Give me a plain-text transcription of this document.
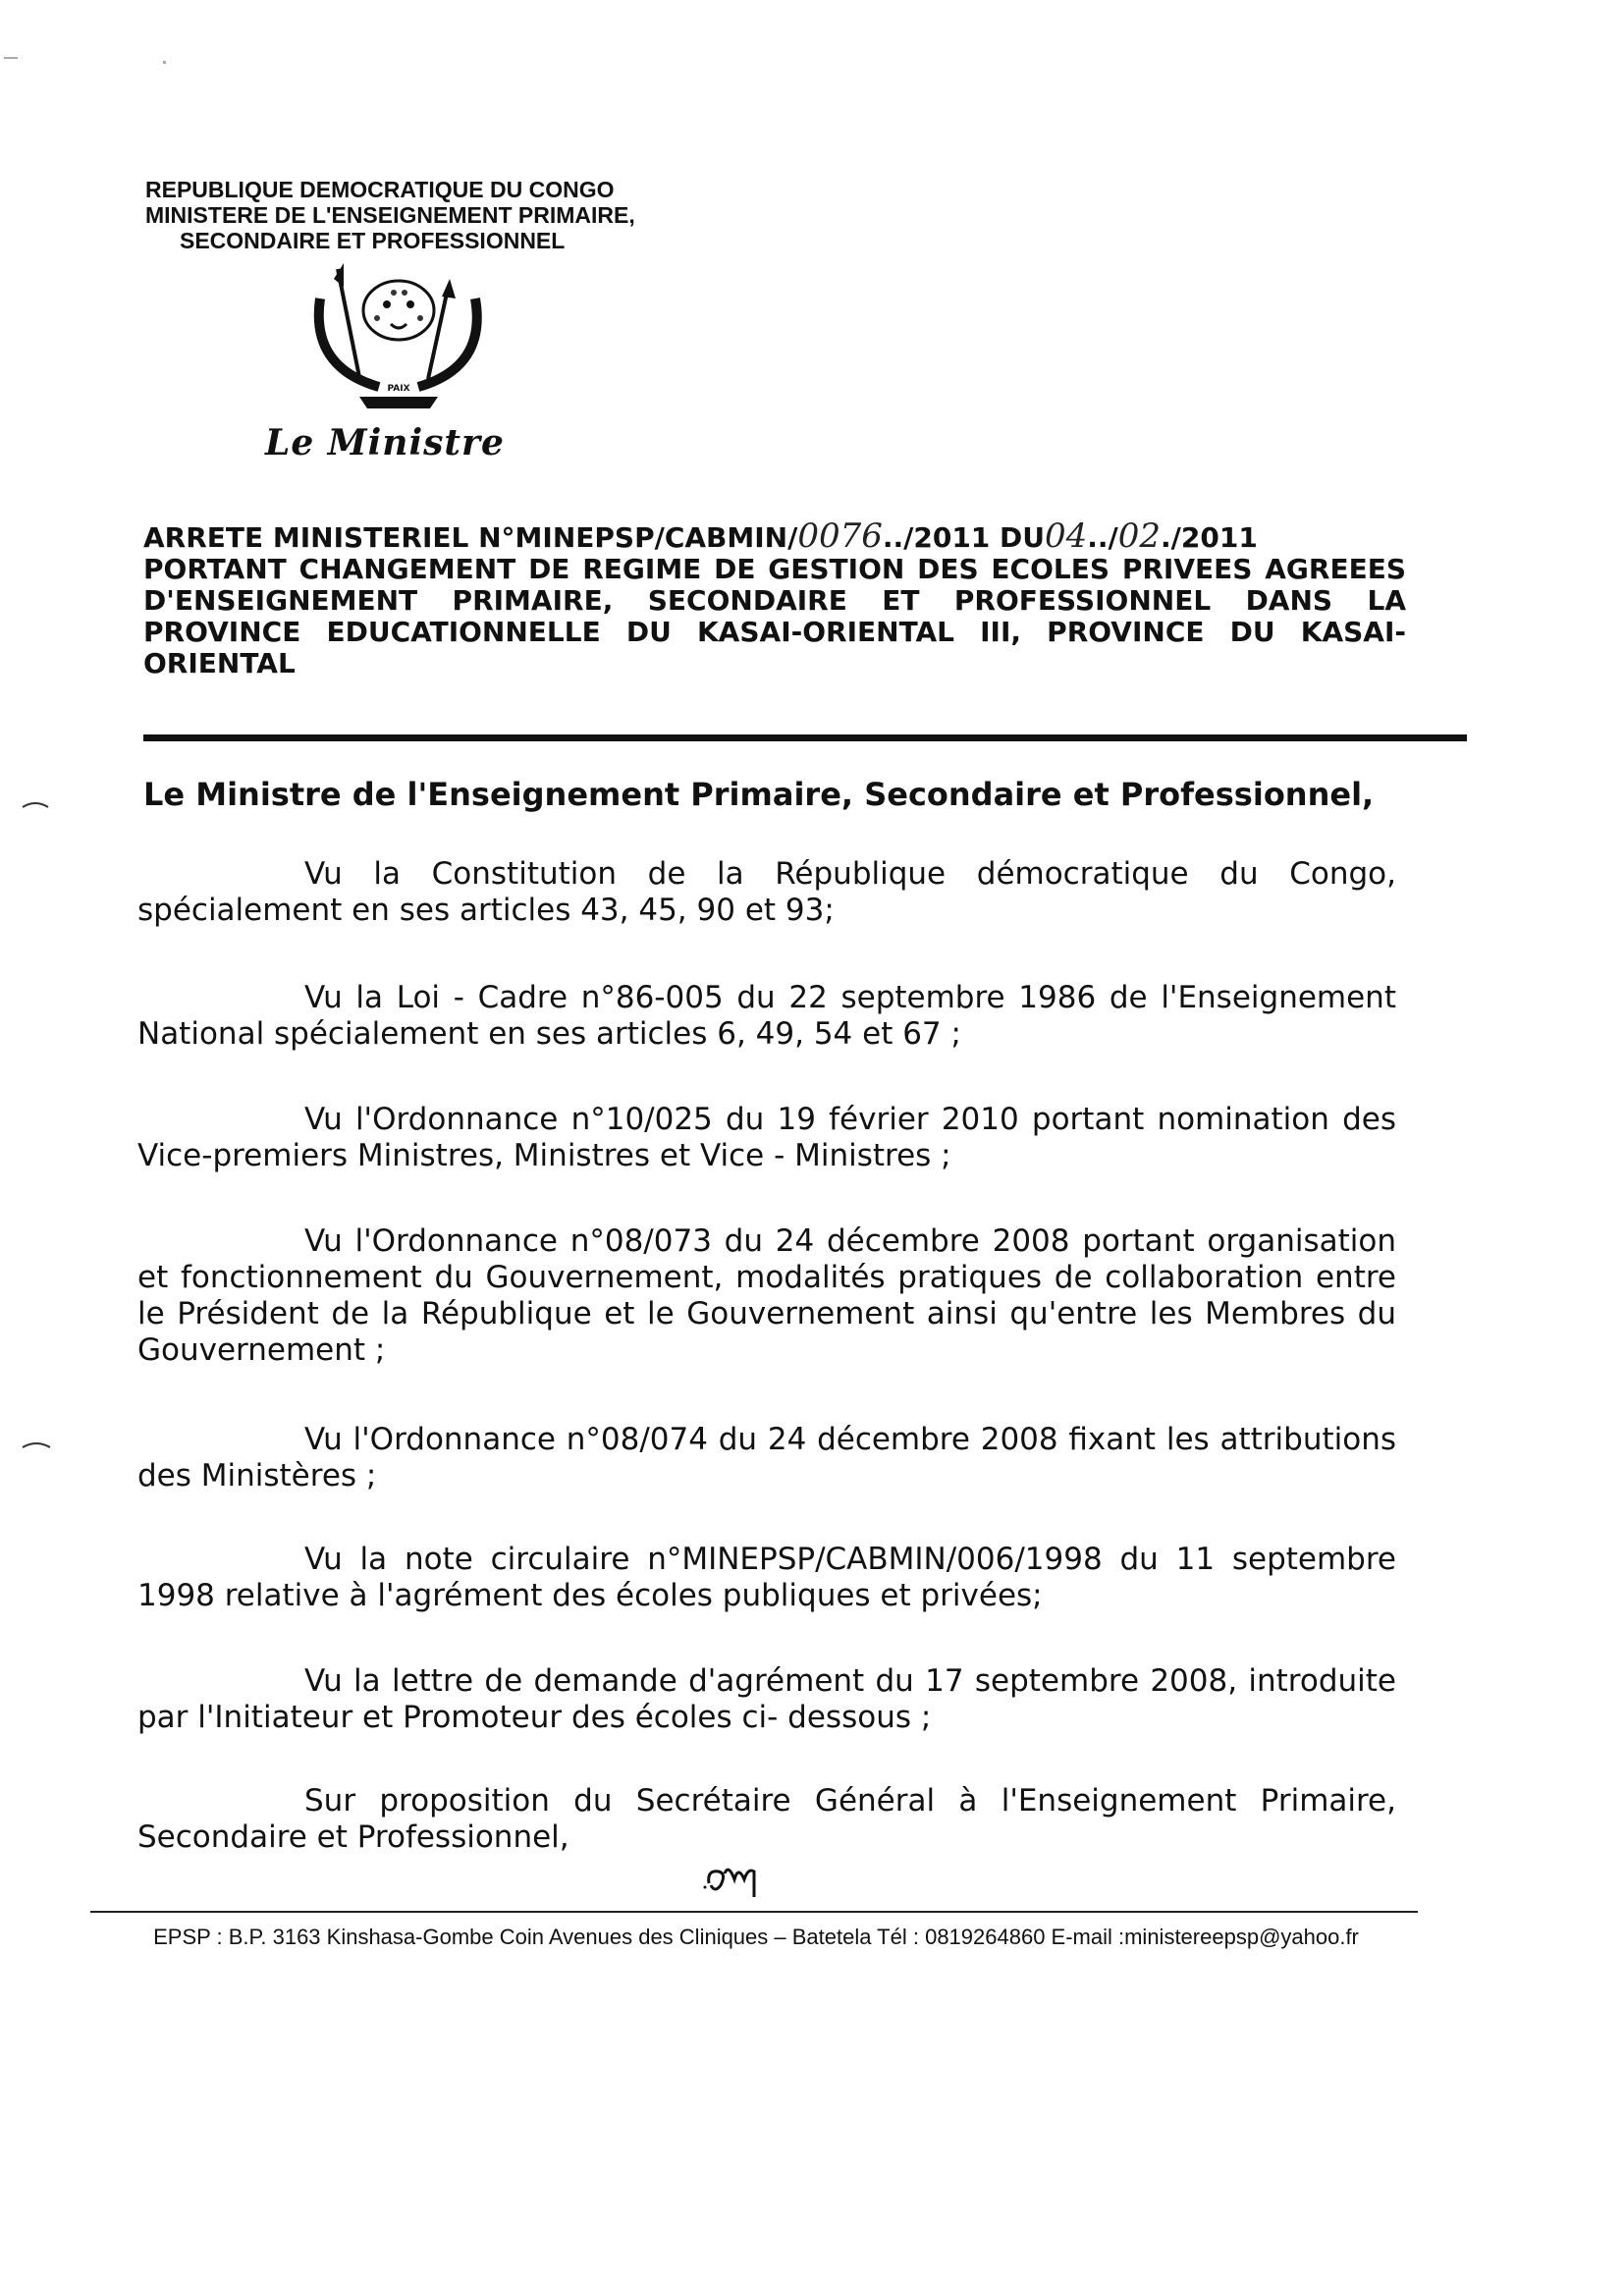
REPUBLIQUE DEMOCRATIQUE DU CONGO
MINISTERE DE L'ENSEIGNEMENT PRIMAIRE,
SECONDAIRE ET PROFESSIONNEL
PAIX
Le Ministre
ARRETE MINISTERIEL N°MINEPSP/CABMIN/ 0076 ../2011 DU 04 ../ 02 ./2011
PORTANT CHANGEMENT DE REGIME DE GESTION DES ECOLES PRIVEES AGREEES
D'ENSEIGNEMENT PRIMAIRE, SECONDAIRE ET PROFESSIONNEL DANS LA
PROVINCE EDUCATIONNELLE DU KASAI-ORIENTAL III, PROVINCE DU KASAI-
ORIENTAL
Le Ministre de l'Enseignement Primaire, Secondaire et Professionnel,
Vu la Constitution de la République démocratique du Congo, spécialement en ses articles 43, 45, 90 et 93;
Vu la Loi - Cadre n°86-005 du 22 septembre 1986 de l'Enseignement National spécialement en ses articles 6, 49, 54 et 67 ;
Vu l'Ordonnance n°10/025 du 19 février 2010 portant nomination des Vice-premiers Ministres, Ministres et Vice - Ministres ;
Vu l'Ordonnance n°08/073 du 24 décembre 2008 portant organisation et fonctionnement du Gouvernement, modalités pratiques de collaboration entre le Président de la République et le Gouvernement ainsi qu'entre les Membres du Gouvernement ;
Vu l'Ordonnance n°08/074 du 24 décembre 2008 fixant les attributions des Ministères ;
Vu la note circulaire n°MINEPSP/CABMIN/006/1998 du 11 septembre 1998 relative à l'agrément des écoles publiques et privées;
Vu la lettre de demande d'agrément du 17 septembre 2008, introduite par l'Initiateur et Promoteur des écoles ci- dessous ;
Sur proposition du Secrétaire Général à l'Enseignement Primaire, Secondaire et Professionnel,
EPSP : B.P. 3163 Kinshasa-Gombe Coin Avenues des Cliniques – Batetela Tél : 0819264860 E-mail :ministereepsp@yahoo.fr
